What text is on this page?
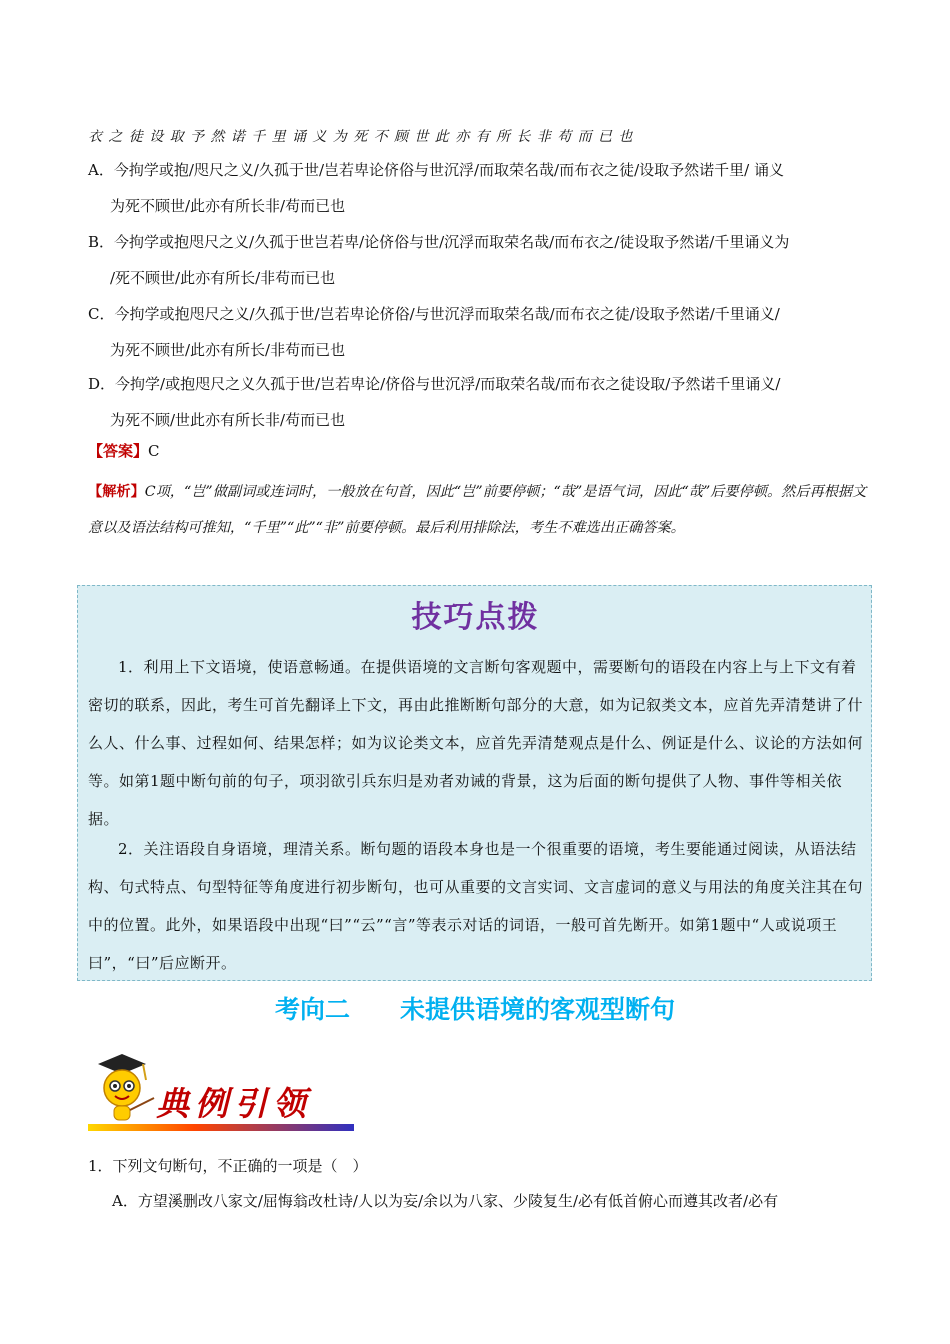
衣之徒设取予然诺千里诵义为死不顾世此亦有所长非苟而已也
A．今拘学或抱/咫尺之义/久孤于世/岂若卑论侪俗与世沉浮/而取荣名哉/而布衣之徒/设取予然诺千里/ 诵义
为死不顾世/此亦有所长非/苟而已也
B．今拘学或抱咫尺之义/久孤于世岂若卑/论侪俗与世/沉浮而取荣名哉/而布衣之/徒设取予然诺/千里诵义为
/死不顾世/此亦有所长/非苟而已也
C．今拘学或抱咫尺之义/久孤于世/岂若卑论侪俗/与世沉浮而取荣名哉/而布衣之徒/设取予然诺/千里诵义/
为死不顾世/此亦有所长/非苟而已也
D．今拘学/或抱咫尺之义久孤于世/岂若卑论/侪俗与世沉浮/而取荣名哉/而布衣之徒设取/予然诺千里诵义/
为死不顾/世此亦有所长非/苟而已也
【答案】C
【解析】C项，“岂”做副词或连词时，一般放在句首，因此“岂”前要停顿；“哉”是语气词，因此“哉”后要停顿。然后再根据文意以及语法结构可推知，“千里”“此”“非”前要停顿。最后利用排除法，考生不难选出正确答案。
技巧点拨
1．利用上下文语境，使语意畅通。在提供语境的文言断句客观题中，需要断句的语段在内容上与上下文有着密切的联系，因此，考生可首先翻译上下文，再由此推断断句部分的大意，如为记叙类文本，应首先弄清楚讲了什么人、什么事、过程如何、结果怎样；如为议论类文本，应首先弄清楚观点是什么、例证是什么、议论的方法如何等。如第1题中断句前的句子，项羽欲引兵东归是劝者劝诫的背景，这为后面的断句提供了人物、事件等相关依据。
2．关注语段自身语境，理清关系。断句题的语段本身也是一个很重要的语境，考生要能通过阅读，从语法结构、句式特点、句型特征等角度进行初步断句，也可从重要的文言实词、文言虚词的意义与用法的角度关注其在句中的位置。此外，如果语段中出现“曰”“云”“言”等表示对话的词语，一般可首先断开。如第1题中“人或说项王曰”，“曰”后应断开。
考向二　　未提供语境的客观型断句
典例引领
1．下列文句断句，不正确的一项是（　）
A．方望溪删改八家文/屈悔翁改杜诗/人以为妄/余以为八家、少陵复生/必有低首俯心而遵其改者/必有
